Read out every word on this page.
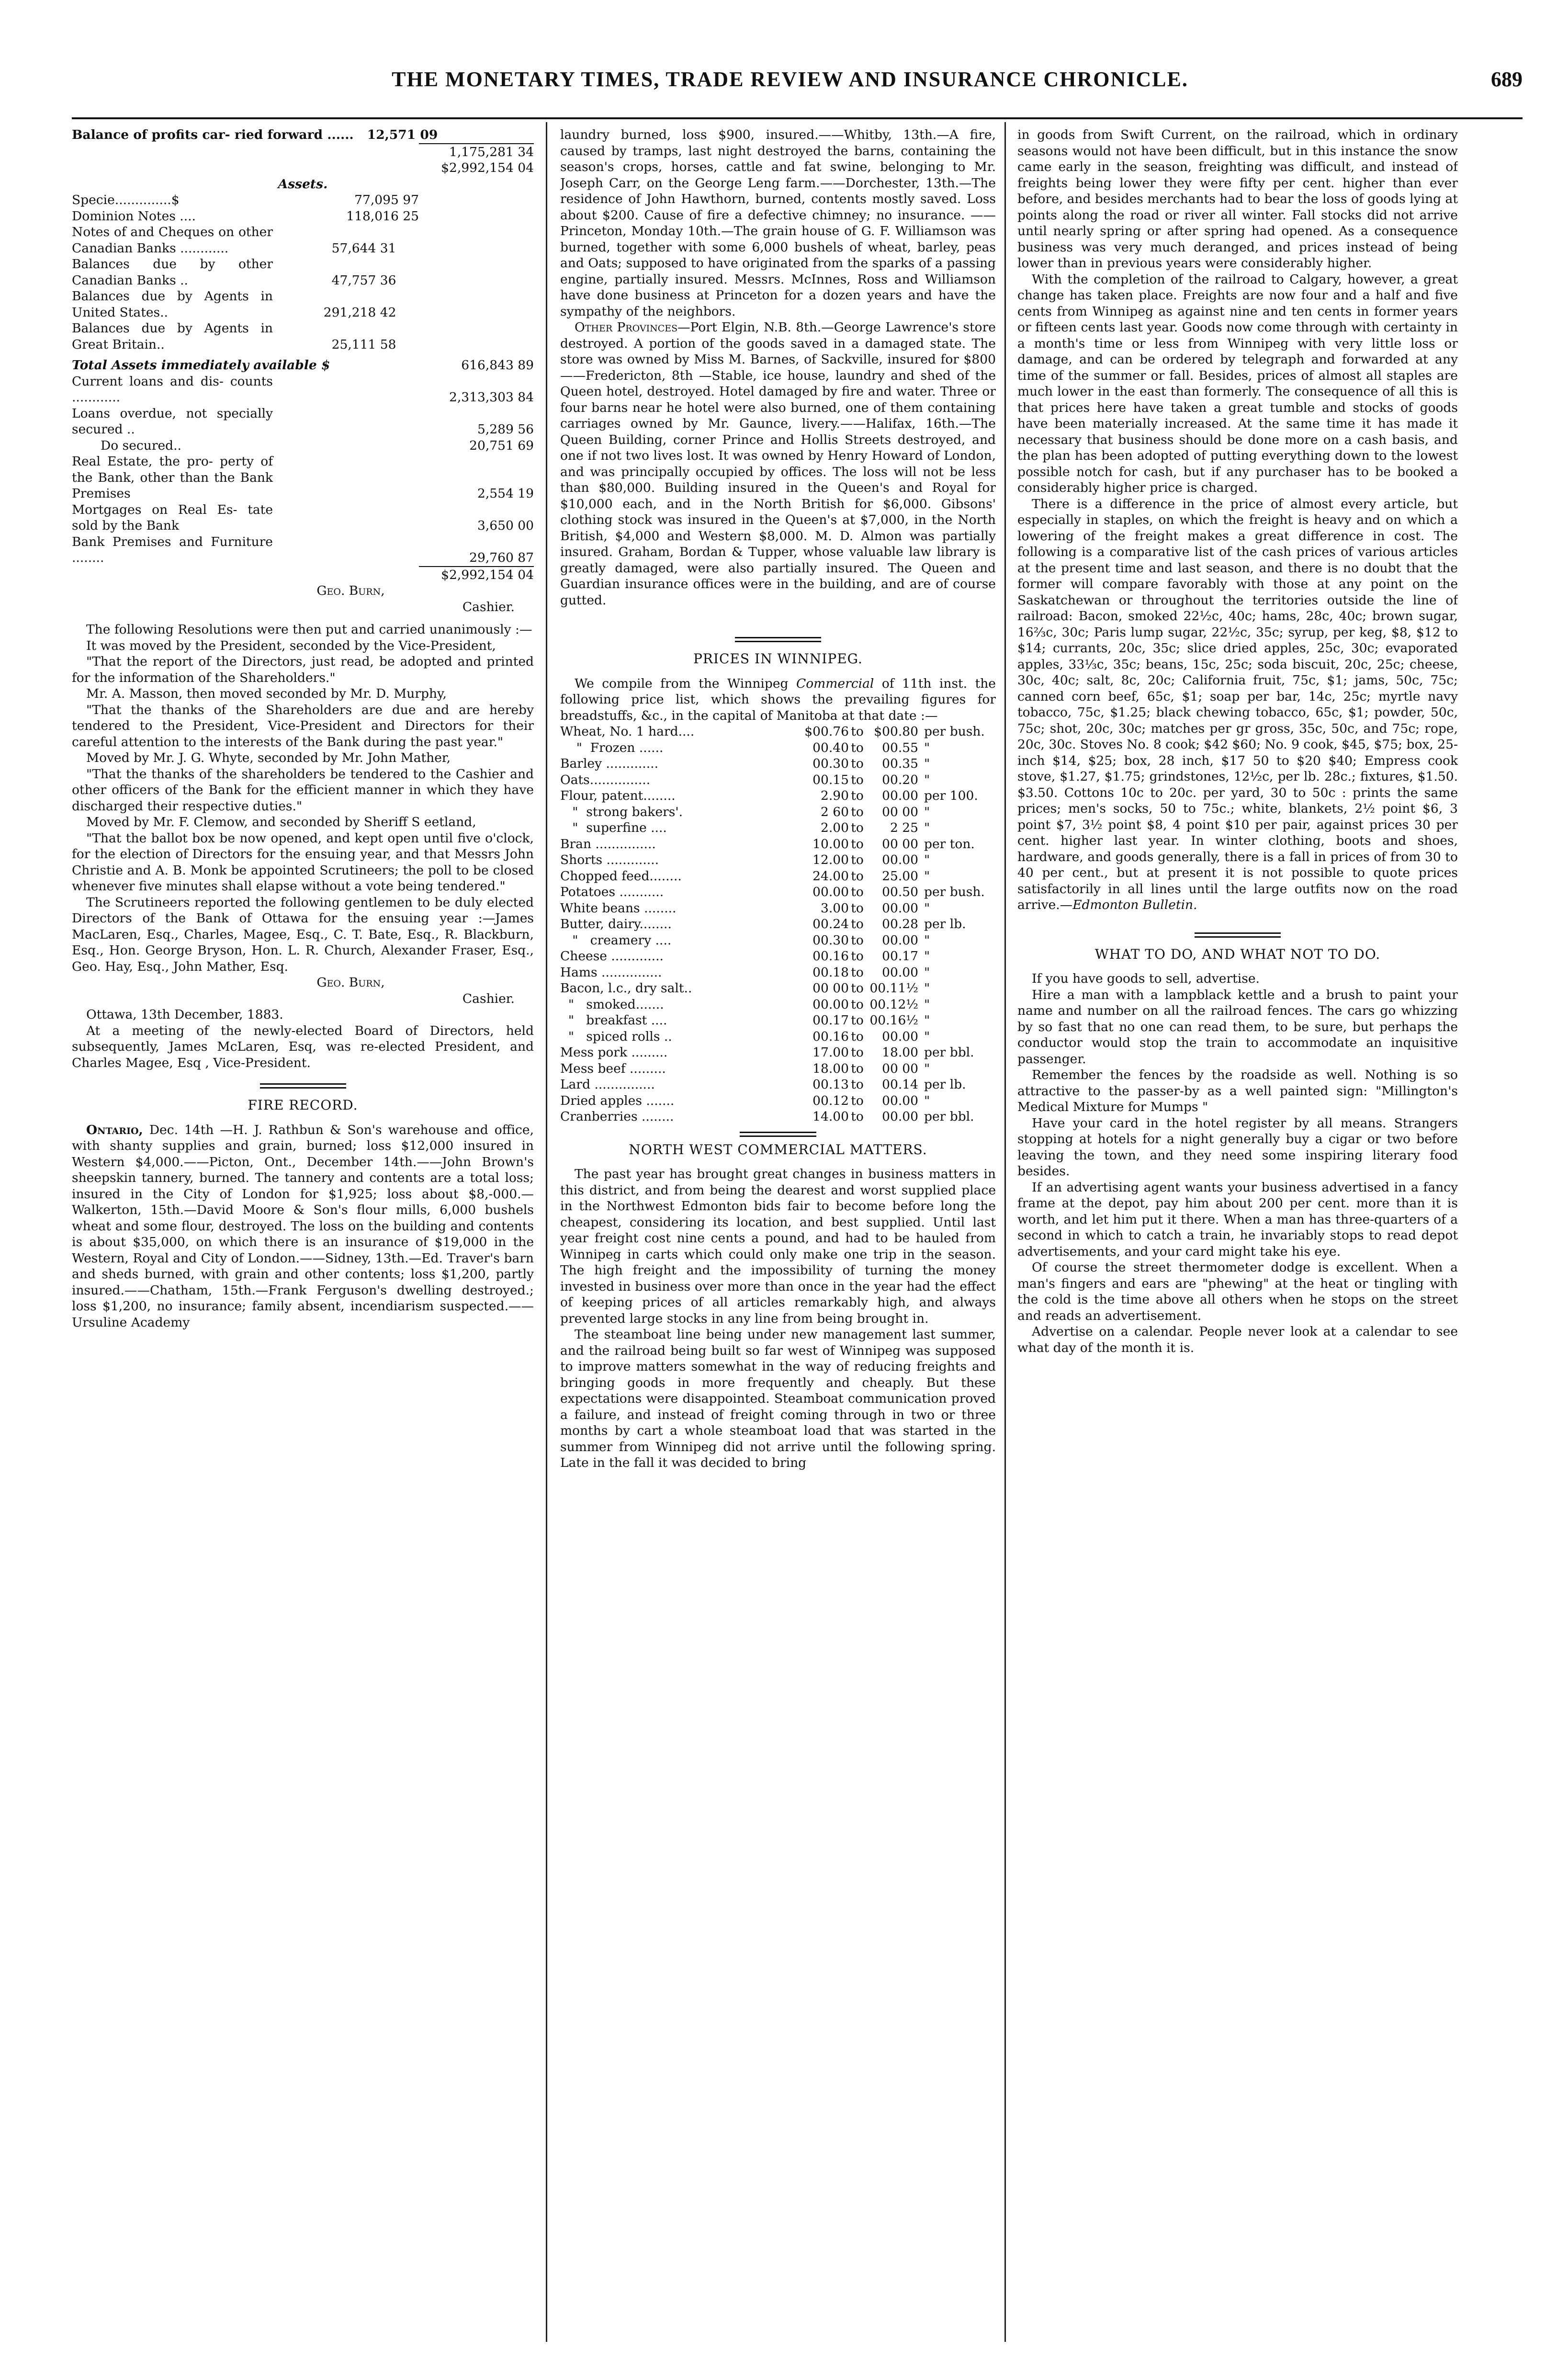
THE MONETARY TIMES, TRADE REVIEW AND INSURANCE CHRONICLE.	689
Balance of profits car- ried forward ......	12,571 09
1,175,281 34
$2,992,154 04

Assets.

Specie..............$	77,095 97
Dominion Notes ....	118,016 25
Notes of and Cheques on other Canadian Banks ............	57,644 31
Balances due by other Canadian Banks ..	47,757 36
Balances due by Agents in United States..	291,218 42
Balances due by Agents in Great Britain..	25,111 58
Total Assets immediately available $	616,843 89
Current loans and dis- counts ............	2,313,303 84
Loans overdue, not specially secured ..	5,289 56
Do secured..	20,751 69
Real Estate, the pro- perty of the Bank, other than the Bank Premises	2,554 19
Mortgages on Real Es- tate sold by the Bank	3,650 00
Bank Premises and Furniture ........	29,760 87
$2,992,154 04

Geo. Burn,

Cashier.

The following Resolutions were then put and carried unanimously :—

It was moved by the President, seconded by the Vice-President,

"That the report of the Directors, just read, be adopted and printed for the information of the Shareholders."

Mr. A. Masson, then moved seconded by Mr. D. Murphy,

"That the thanks of the Shareholders are due and are hereby tendered to the President, Vice-President and Directors for their careful attention to the interests of the Bank during the past year."

Moved by Mr. J. G. Whyte, seconded by Mr. John Mather,

"That the thanks of the shareholders be tendered to the Cashier and other officers of the Bank for the efficient manner in which they have discharged their respective duties."

Moved by Mr. F. Clemow, and seconded by Sheriff S eetland,

"That the ballot box be now opened, and kept open until five o'clock, for the election of Directors for the ensuing year, and that Messrs John Christie and A. B. Monk be appointed Scrutineers; the poll to be closed whenever five minutes shall elapse without a vote being tendered."

The Scrutineers reported the following gentlemen to be duly elected Directors of the Bank of Ottawa for the ensuing year :—James MacLaren, Esq., Charles, Magee, Esq., C. T. Bate, Esq., R. Blackburn, Esq., Hon. George Bryson, Hon. L. R. Church, Alexander Fraser, Esq., Geo. Hay, Esq., John Mather, Esq.

Geo. Burn,

Cashier.

Ottawa, 13th December, 1883.

At a meeting of the newly-elected Board of Directors, held subsequently, James McLaren, Esq, was re-elected President, and Charles Magee, Esq , Vice-President.

FIRE RECORD.

Ontario, Dec. 14th —H. J. Rathbun & Son's warehouse and office, with shanty supplies and grain, burned; loss $12,000 insured in Western $4,000.——Picton, Ont., December 14th.——John Brown's sheepskin tannery, burned. The tannery and contents are a total loss; insured in the City of London for $1,925; loss about $8,-000.—Walkerton, 15th.—David Moore & Son's flour mills, 6,000 bushels wheat and some flour, destroyed. The loss on the building and contents is about $35,000, on which there is an insurance of $19,000 in the Western, Royal and City of London.——Sidney, 13th.—Ed. Traver's barn and sheds burned, with grain and other contents; loss $1,200, partly insured.——Chatham, 15th.—Frank Ferguson's dwelling destroyed.; loss $1,200, no insurance; family absent, incendiarism suspected.——Ursuline Academy

laundry burned, loss $900, insured.——Whitby, 13th.—A fire, caused by tramps, last night destroyed the barns, containing the season's crops, horses, cattle and fat swine, belonging to Mr. Joseph Carr, on the George Leng farm.——Dorchester, 13th.—The residence of John Hawthorn, burned, contents mostly saved. Loss about $200. Cause of fire a defective chimney; no insurance. —— Princeton, Monday 10th.—The grain house of G. F. Williamson was burned, together with some 6,000 bushels of wheat, barley, peas and Oats; supposed to have originated from the sparks of a passing engine, partially insured. Messrs. McInnes, Ross and Williamson have done business at Princeton for a dozen years and have the sympathy of the neighbors.

Other Provinces—Port Elgin, N.B. 8th.—George Lawrence's store destroyed. A portion of the goods saved in a damaged state. The store was owned by Miss M. Barnes, of Sackville, insured for $800 ——Fredericton, 8th —Stable, ice house, laundry and shed of the Queen hotel, destroyed. Hotel damaged by fire and water. Three or four barns near he hotel were also burned, one of them containing carriages owned by Mr. Gaunce, livery.——Halifax, 16th.—The Queen Building, corner Prince and Hollis Streets destroyed, and one if not two lives lost. It was owned by Henry Howard of London, and was principally occupied by offices. The loss will not be less than $80,000. Building insured in the Queen's and Royal for $10,000 each, and in the North British for $6,000. Gibsons' clothing stock was insured in the Queen's at $7,000, in the North British, $4,000 and Western $8,000. M. D. Almon was partially insured. Graham, Bordan & Tupper, whose valuable law library is greatly damaged, were also partially insured. The Queen and Guardian insurance offices were in the building, and are of course gutted.

PRICES IN WINNIPEG.

We compile from the Winnipeg Commercial of 11th inst. the following price list, which shows the prevailing figures for breadstuffs, &c., in the capital of Manitoba at that date :—

Wheat, No. 1 hard....	$00.76 to $00.80 per bush.
"  Frozen ......	00.40 to	00.55 "
Barley .............	00.30 to	00.35 "
Oats...............	00.15 to	00.20 "
Flour, patent........	2.90 to	00.00 per 100.
"  strong bakers'.	2 60 to	00 00 "
"  superfine ....	2.00 to	2 25 "
Bran ...............	10.00 to	00 00 per ton.
Shorts .............	12.00 to	00.00 "
Chopped feed........	24.00 to	25.00 "
Potatoes ...........	00.00 to	00.50 per bush.
White beans ........	3.00 to	00.00 "
Butter, dairy........	00.24 to	00.28 per lb.
"   creamery ....	00.30 to	00.00 "
Cheese .............	00.16 to	00.17 "
Hams ...............	00.18 to	00.00 "
Bacon, l.c., dry salt..	00 00 to 00.11½ "
"   smoked.......	00.00 to 00.12½ "
"   breakfast ....	00.17 to 00.16½ "
"   spiced rolls ..	00.16 to	00.00 "
Mess pork .........	17.00 to	18.00 per bbl.
Mess beef .........	18.00 to	00 00 "
Lard ...............	00.13 to	00.14 per lb.
Dried apples .......	00.12 to	00.00 "
Cranberries ........	14.00 to	00.00 per bbl.

NORTH WEST COMMERCIAL MATTERS.

The past year has brought great changes in business matters in this district, and from being the dearest and worst supplied place in the Northwest Edmonton bids fair to become before long the cheapest, considering its location, and best supplied. Until last year freight cost nine cents a pound, and had to be hauled from Winnipeg in carts which could only make one trip in the season. The high freight and the impossibility of turning the money invested in business over more than once in the year had the effect of keeping prices of all articles remarkably high, and always prevented large stocks in any line from being brought in.

The steamboat line being under new management last summer, and the railroad being built so far west of Winnipeg was supposed to improve matters somewhat in the way of reducing freights and bringing goods in more frequently and cheaply. But these expectations were disappointed. Steamboat communication proved a failure, and instead of freight coming through in two or three months by cart a whole steamboat load that was started in the summer from Winnipeg did not arrive until the following spring. Late in the fall it was decided to bring

in goods from Swift Current, on the railroad, which in ordinary seasons would not have been difficult, but in this instance the snow came early in the season, freighting was difficult, and instead of freights being lower they were fifty per cent. higher than ever before, and besides merchants had to bear the loss of goods lying at points along the road or river all winter. Fall stocks did not arrive until nearly spring or after spring had opened. As a consequence business was very much deranged, and prices instead of being lower than in previous years were considerably higher.

With the completion of the railroad to Calgary, however, a great change has taken place. Freights are now four and a half and five cents from Winnipeg as against nine and ten cents in former years or fifteen cents last year. Goods now come through with certainty in a month's time or less from Winnipeg with very little loss or damage, and can be ordered by telegraph and forwarded at any time of the summer or fall. Besides, prices of almost all staples are much lower in the east than formerly. The consequence of all this is that prices here have taken a great tumble and stocks of goods have been materially increased. At the same time it has made it necessary that business should be done more on a cash basis, and the plan has been adopted of putting everything down to the lowest possible notch for cash, but if any purchaser has to be booked a considerably higher price is charged.

There is a difference in the price of almost every article, but especially in staples, on which the freight is heavy and on which a lowering of the freight makes a great difference in cost. The following is a comparative list of the cash prices of various articles at the present time and last season, and there is no doubt that the former will compare favorably with those at any point on the Saskatchewan or throughout the territories outside the line of railroad: Bacon, smoked 22½c, 40c; hams, 28c, 40c; brown sugar, 16⅔c, 30c; Paris lump sugar, 22½c, 35c; syrup, per keg, $8, $12 to $14; currants, 20c, 35c; slice dried apples, 25c, 30c; evaporated apples, 33⅓c, 35c; beans, 15c, 25c; soda biscuit, 20c, 25c; cheese, 30c, 40c; salt, 8c, 20c; California fruit, 75c, $1; jams, 50c, 75c; canned corn beef, 65c, $1; soap per bar, 14c, 25c; myrtle navy tobacco, 75c, $1.25; black chewing tobacco, 65c, $1; powder, 50c, 75c; shot, 20c, 30c; matches per gr gross, 35c, 50c, and 75c; rope, 20c, 30c. Stoves No. 8 cook; $42 $60; No. 9 cook, $45, $75; box, 25-inch $14, $25; box, 28 inch, $17 50 to $20 $40; Empress cook stove, $1.27, $1.75; grindstones, 12½c, per lb. 28c.; fixtures, $1.50. $3.50. Cottons 10c to 20c. per yard, 30 to 50c : prints the same prices; men's socks, 50 to 75c.; white, blankets, 2½ point $6, 3 point $7, 3½ point $8, 4 point $10 per pair, against prices 30 per cent. higher last year. In winter clothing, boots and shoes, hardware, and goods generally, there is a fall in prices of from 30 to 40 per cent., but at present it is not possible to quote prices satisfactorily in all lines until the large outfits now on the road arrive.—Edmonton Bulletin.

WHAT TO DO, AND WHAT NOT TO DO.

If you have goods to sell, advertise.

Hire a man with a lampblack kettle and a brush to paint your name and number on all the railroad fences. The cars go whizzing by so fast that no one can read them, to be sure, but perhaps the conductor would stop the train to accommodate an inquisitive passenger.

Remember the fences by the roadside as well. Nothing is so attractive to the passer-by as a well painted sign: "Millington's Medical Mixture for Mumps "

Have your card in the hotel register by all means. Strangers stopping at hotels for a night generally buy a cigar or two before leaving the town, and they need some inspiring literary food besides.

If an advertising agent wants your business advertised in a fancy frame at the depot, pay him about 200 per cent. more than it is worth, and let him put it there. When a man has three-quarters of a second in which to catch a train, he invariably stops to read depot advertisements, and your card might take his eye.

Of course the street thermometer dodge is excellent. When a man's fingers and ears are "phewing" at the heat or tingling with the cold is the time above all others when he stops on the street and reads an advertisement.

Advertise on a calendar. People never look at a calendar to see what day of the month it is.
